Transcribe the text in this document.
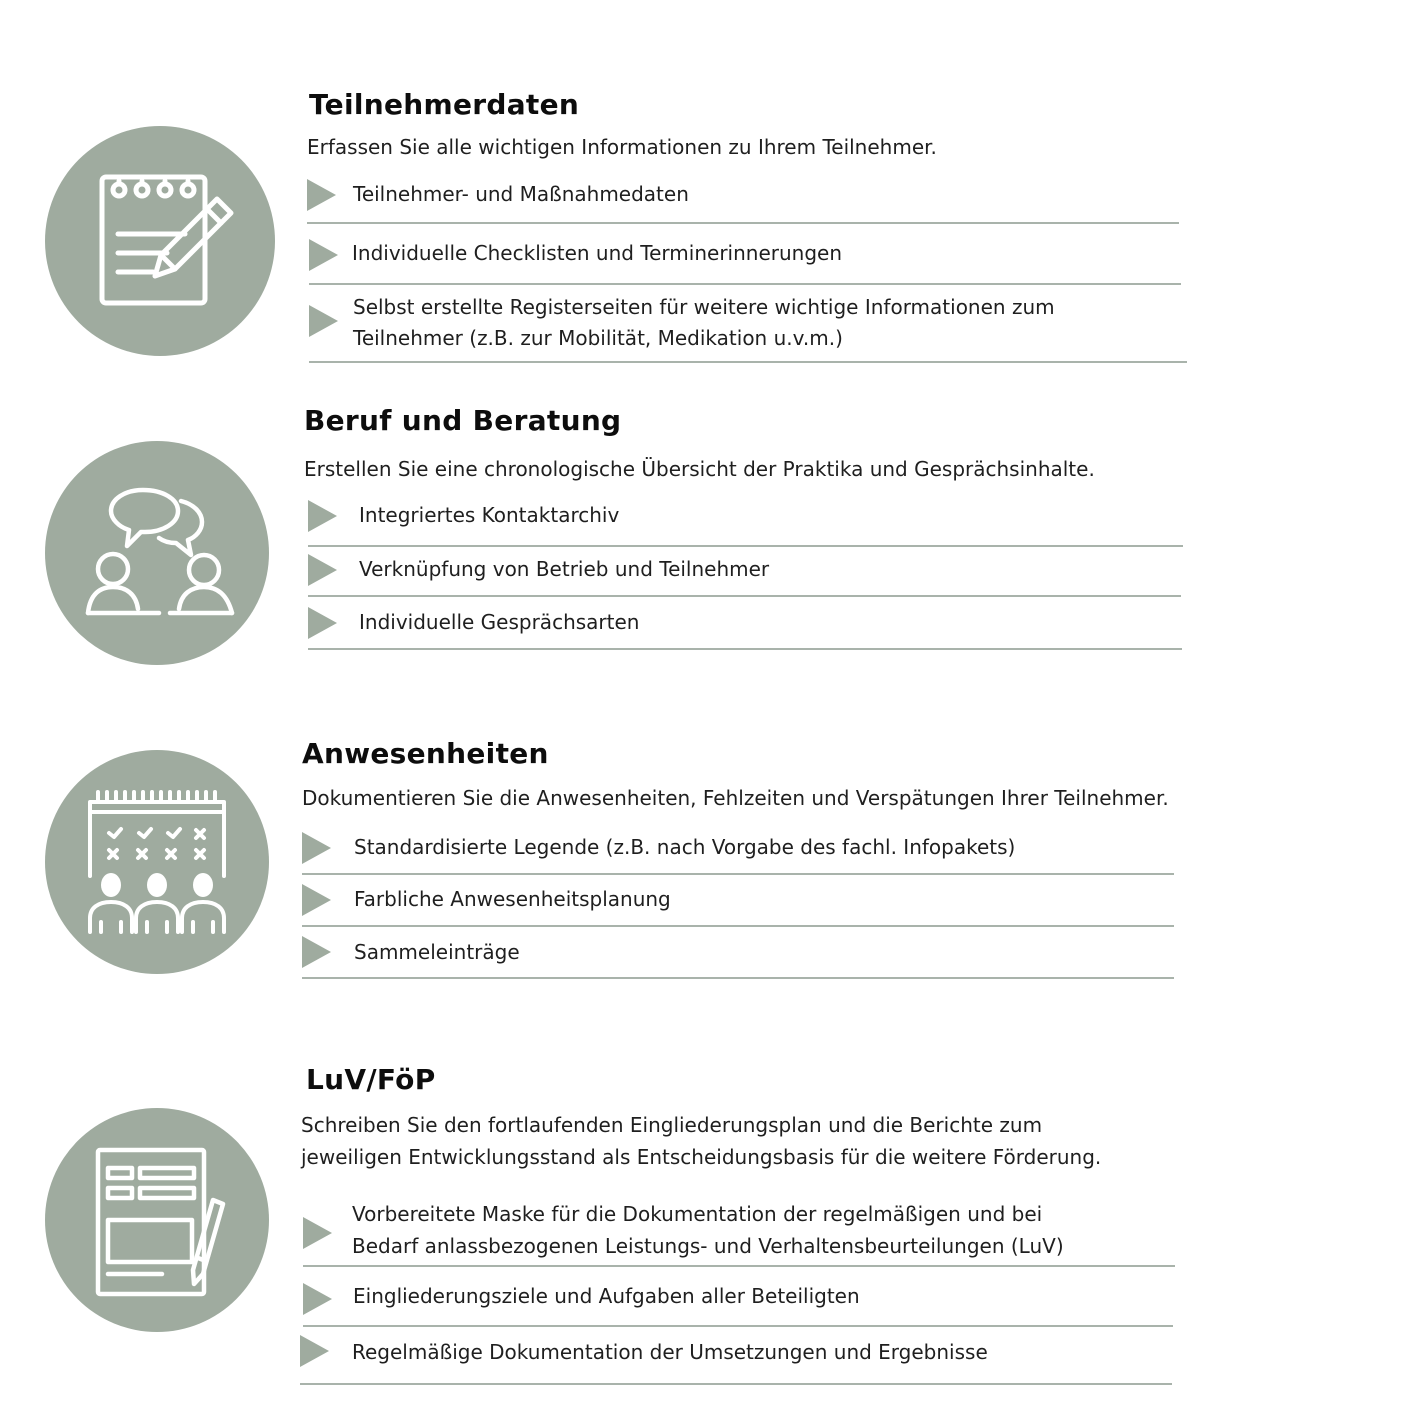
Teilnehmerdaten
Erfassen Sie alle wichtigen Informationen zu Ihrem Teilnehmer.
Teilnehmer- und Maßnahmedaten
Individuelle Checklisten und Terminerinnerungen
Selbst erstellte Registerseiten für weitere wichtige Informationen zum
Teilnehmer (z.B. zur Mobilität, Medikation u.v.m.)
Beruf und Beratung
Erstellen Sie eine chronologische Übersicht der Praktika und Gesprächsinhalte.
Integriertes Kontaktarchiv
Verknüpfung von Betrieb und Teilnehmer
Individuelle Gesprächsarten
Anwesenheiten
Dokumentieren Sie die Anwesenheiten, Fehlzeiten und Verspätungen Ihrer Teilnehmer.
Standardisierte Legende (z.B. nach Vorgabe des fachl. Infopakets)
Farbliche Anwesenheitsplanung
Sammeleinträge
LuV/FöP
Schreiben Sie den fortlaufenden Eingliederungsplan und die Berichte zum
jeweiligen Entwicklungsstand als Entscheidungsbasis für die weitere Förderung.
Vorbereitete Maske für die Dokumentation der regelmäßigen und bei
Bedarf anlassbezogenen Leistungs- und Verhaltensbeurteilungen (LuV)
Eingliederungsziele und Aufgaben aller Beteiligten
Regelmäßige Dokumentation der Umsetzungen und Ergebnisse
